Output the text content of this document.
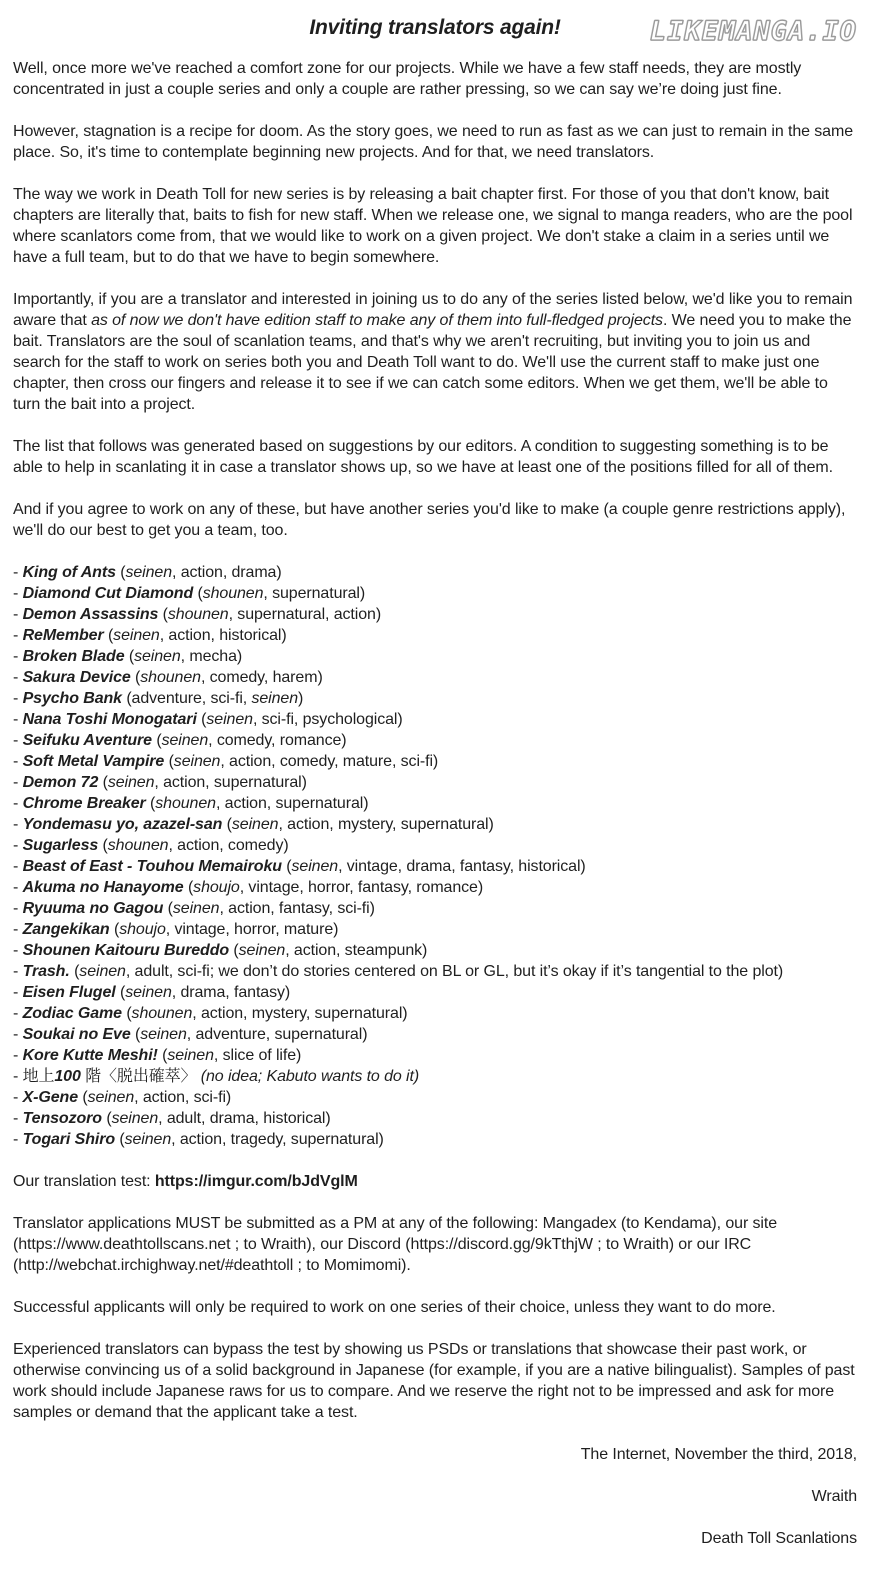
LIKEMANGA.IO
Inviting translators again!

Well, once more we've reached a comfort zone for our projects. While we have a few staff needs, they are mostly concentrated in just a couple series and only a couple are rather pressing, so we can say we’re doing just fine.

However, stagnation is a recipe for doom. As the story goes, we need to run as fast as we can just to remain in the same place. So, it's time to contemplate beginning new projects. And for that, we need translators.

The way we work in Death Toll for new series is by releasing a bait chapter first. For those of you that don't know, bait chapters are literally that, baits to fish for new staff. When we release one, we signal to manga readers, who are the pool where scanlators come from, that we would like to work on a given project. We don't stake a claim in a series until we have a full team, but to do that we have to begin somewhere.

Importantly, if you are a translator and interested in joining us to do any of the series listed below, we'd like you to remain aware that as of now we don't have edition staff to make any of them into full-fledged projects. We need you to make the bait. Translators are the soul of scanlation teams, and that's why we aren't recruiting, but inviting you to join us and search for the staff to work on series both you and Death Toll want to do. We'll use the current staff to make just one chapter, then cross our fingers and release it to see if we can catch some editors. When we get them, we'll be able to turn the bait into a project.

The list that follows was generated based on suggestions by our editors. A condition to suggesting something is to be able to help in scanlating it in case a translator shows up, so we have at least one of the positions filled for all of them.

And if you agree to work on any of these, but have another series you'd like to make (a couple genre restrictions apply), we'll do our best to get you a team, too.

- King of Ants (seinen, action, drama)

- Diamond Cut Diamond (shounen, supernatural)

- Demon Assassins (shounen, supernatural, action)

- ReMember (seinen, action, historical)

- Broken Blade (seinen, mecha)

- Sakura Device (shounen, comedy, harem)

- Psycho Bank (adventure, sci-fi, seinen)

- Nana Toshi Monogatari (seinen, sci-fi, psychological)

- Seifuku Aventure (seinen, comedy, romance)

- Soft Metal Vampire (seinen, action, comedy, mature, sci-fi)

- Demon 72 (seinen, action, supernatural)

- Chrome Breaker (shounen, action, supernatural)

- Yondemasu yo, azazel-san (seinen, action, mystery, supernatural)

- Sugarless (shounen, action, comedy)

- Beast of East - Touhou Memairoku (seinen, vintage, drama, fantasy, historical)

- Akuma no Hanayome (shoujo, vintage, horror, fantasy, romance)

- Ryuuma no Gagou (seinen, action, fantasy, sci-fi)

- Zangekikan (shoujo, vintage, horror, mature)

- Shounen Kaitouru Bureddo (seinen, action, steampunk)

- Trash. (seinen, adult, sci-fi; we don’t do stories centered on BL or GL, but it’s okay if it’s tangential to the plot)

- Eisen Flugel (seinen, drama, fantasy)

- Zodiac Game (shounen, action, mystery, supernatural)

- Soukai no Eve (seinen, adventure, supernatural)

- Kore Kutte Meshi! (seinen, slice of life)

- 地上100 階〈脱出確萃〉 (no idea; Kabuto wants to do it)

- X-Gene (seinen, action, sci-fi)

- Tensozoro (seinen, adult, drama, historical)

- Togari Shiro (seinen, action, tragedy, supernatural)

Our translation test: https://imgur.com/bJdVglM

Translator applications MUST be submitted as a PM at any of the following: Mangadex (to Kendama), our site (https://www.deathtollscans.net ; to Wraith), our Discord (https://discord.gg/9kTthjW ; to Wraith) or our IRC (http://webchat.irchighway.net/#deathtoll ; to Momimomi).

Successful applicants will only be required to work on one series of their choice, unless they want to do more.

Experienced translators can bypass the test by showing us PSDs or translations that showcase their past work, or otherwise convincing us of a solid background in Japanese (for example, if you are a native bilingualist). Samples of past work should include Japanese raws for us to compare. And we reserve the right not to be impressed and ask for more samples or demand that the applicant take a test.

The Internet, November the third, 2018,

Wraith

Death Toll Scanlations
